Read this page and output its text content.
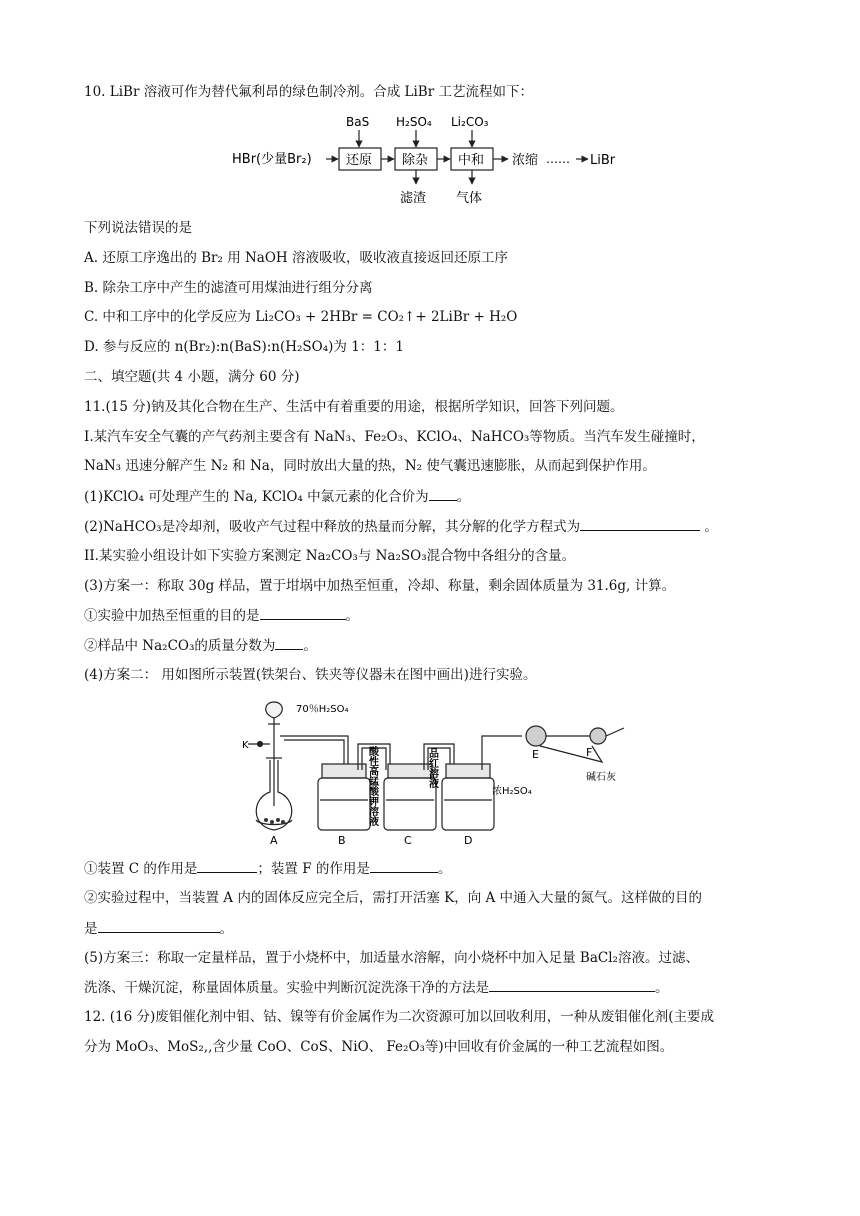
10. LiBr 溶液可作为替代氟利昂的绿色制冷剂。合成 LiBr 工艺流程如下：
HBr(少量Br₂)	还原 除杂 中和 浓缩 …… LiBr
BaS H₂SO₄ Li₂CO₃
滤渣 气体
下列说法错误的是
A. 还原工序逸出的 Br₂ 用 NaOH 溶液吸收，吸收液直接返回还原工序
B. 除杂工序中产生的滤渣可用煤油进行组分分离
C. 中和工序中的化学反应为 Li₂CO₃ + 2HBr = CO₂↑+ 2LiBr + H₂O
D. 参与反应的 n(Br₂):n(BaS):n(H₂SO₄)为 1：1：1
二、填空题(共 4 小题，满分 60 分)
11.(15 分)钠及其化合物在生产、生活中有着重要的用途，根据所学知识，回答下列问题。
I.某汽车安全气囊的产气药剂主要含有 NaN₃、Fe₂O₃、KClO₄、NaHCO₃等物质。当汽车发生碰撞时，
NaN₃ 迅速分解产生 N₂ 和 Na，同时放出大量的热，N₂ 使气囊迅速膨胀，从而起到保护作用。
(1)KClO₄ 可处理产生的 Na, KClO₄ 中氯元素的化合价为 。
(2)NaHCO₃是冷却剂，吸收产气过程中释放的热量而分解，其分解的化学方程式为	。
II.某实验小组设计如下实验方案测定 Na₂CO₃与 Na₂SO₃混合物中各组分的含量。
(3)方案一：称取 30g 样品，置于坩埚中加热至恒重，冷却、称量，剩余固体质量为 31.6g, 计算。
①实验中加热至恒重的目的是	。
②样品中 Na₂CO₃的质量分数为 。
(4)方案二： 用如图所示装置(铁架台、铁夹等仪器未在图中画出)进行实验。
70％H₂SO₄
K
酸性高锰酸钾溶液	品红溶液
浓H₂SO₄
碱石灰
A	B	C	D
E	F
①装置 C 的作用是	；装置 F 的作用是	。
②实验过程中，当装置 A 内的固体反应完全后，需打开活塞 K，向 A 中通入大量的氮气。这样做的目的
是	。
(5)方案三：称取一定量样品，置于小烧杯中，加适量水溶解，向小烧杯中加入足量 BaCl₂溶液。过滤、
洗涤、干燥沉淀，称量固体质量。实验中判断沉淀洗涤干净的方法是	。
12. (16 分)废钼催化剂中钼、钴、镍等有价金属作为二次资源可加以回收利用，一种从废钼催化剂(主要成
分为 MoO₃、MoS₂,,含少量 CoO、CoS、NiO、 Fe₂O₃等)中回收有价金属的一种工艺流程如图。
